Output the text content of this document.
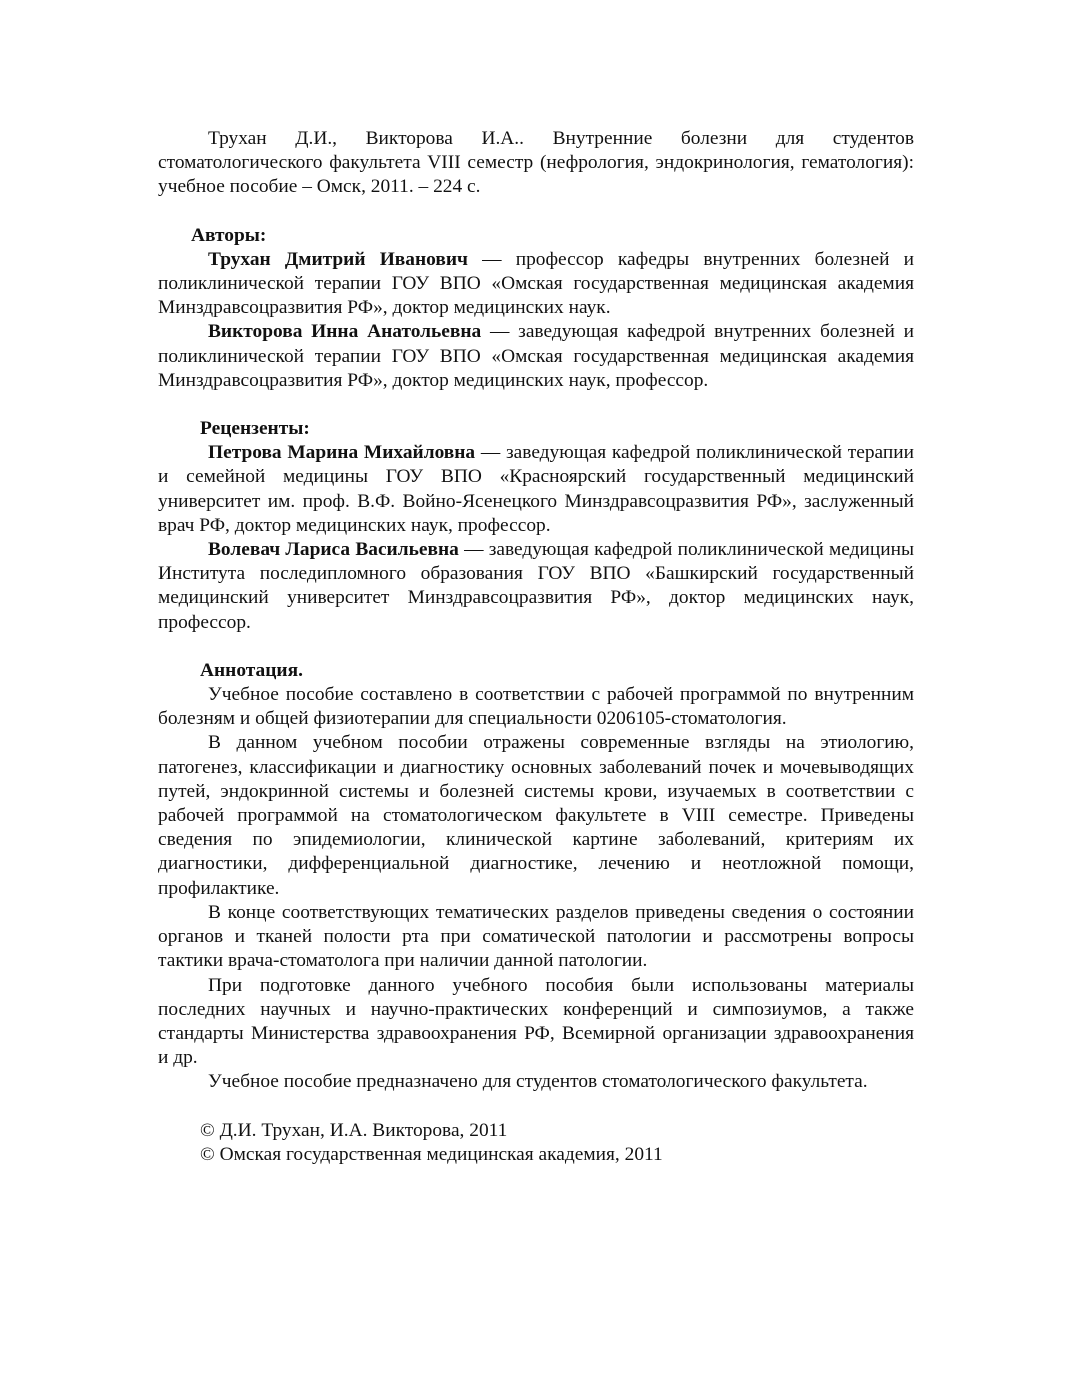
Трухан Д.И., Викторова И.А.. Внутренние болезни для студентов стоматологического факультета VIII семестр (нефрология, эндокринология, гематология): учебное пособие – Омск, 2011. – 224 с.

Авторы:

Трухан Дмитрий Иванович — профессор кафедры внутренних болезней и поликлинической терапии ГОУ ВПО «Омская государственная медицинская академия Минздравсоцразвития РФ», доктор медицинских наук.

Викторова Инна Анатольевна — заведующая кафедрой внутренних болезней и поликлинической терапии ГОУ ВПО «Омская государственная медицинская академия Минздравсоцразвития РФ», доктор медицинских наук, профессор.

Рецензенты:

Петрова Марина Михайловна — заведующая кафедрой поликлинической терапии и семейной медицины ГОУ ВПО «Красноярский государственный медицинский университет им. проф. В.Ф. Войно-Ясенецкого Минздравсоцразвития РФ», заслуженный врач РФ, доктор медицинских наук, профессор.

Волевач Лариса Васильевна — заведующая кафедрой поликлинической медицины Института последипломного образования ГОУ ВПО «Башкирский государственный медицинский университет Минздравсоцразвития РФ», доктор медицинских наук, профессор.

Аннотация.

Учебное пособие составлено в соответствии с рабочей программой по внутренним болезням и общей физиотерапии для специальности 0206105-стоматология.

В данном учебном пособии отражены современные взгляды на этиологию, патогенез, классификации и диагностику основных заболеваний почек и мочевыводящих путей, эндокринной системы и болезней системы крови, изучаемых в соответствии с рабочей программой на стоматологическом факультете в VIII семестре. Приведены сведения по эпидемиологии, клинической картине заболеваний, критериям их диагностики, дифференциальной диагностике, лечению и неотложной помощи, профилактике.

В конце соответствующих тематических разделов приведены сведения о состоянии органов и тканей полости рта при соматической патологии и рассмотрены вопросы тактики врача-стоматолога при наличии данной патологии.

При подготовке данного учебного пособия были использованы материалы последних научных и научно-практических конференций и симпозиумов, а также стандарты Министерства здравоохранения РФ, Всемирной организации здравоохранения и др.

Учебное пособие предназначено для студентов стоматологического факультета.

© Д.И. Трухан, И.А. Викторова, 2011

© Омская государственная медицинская академия, 2011
